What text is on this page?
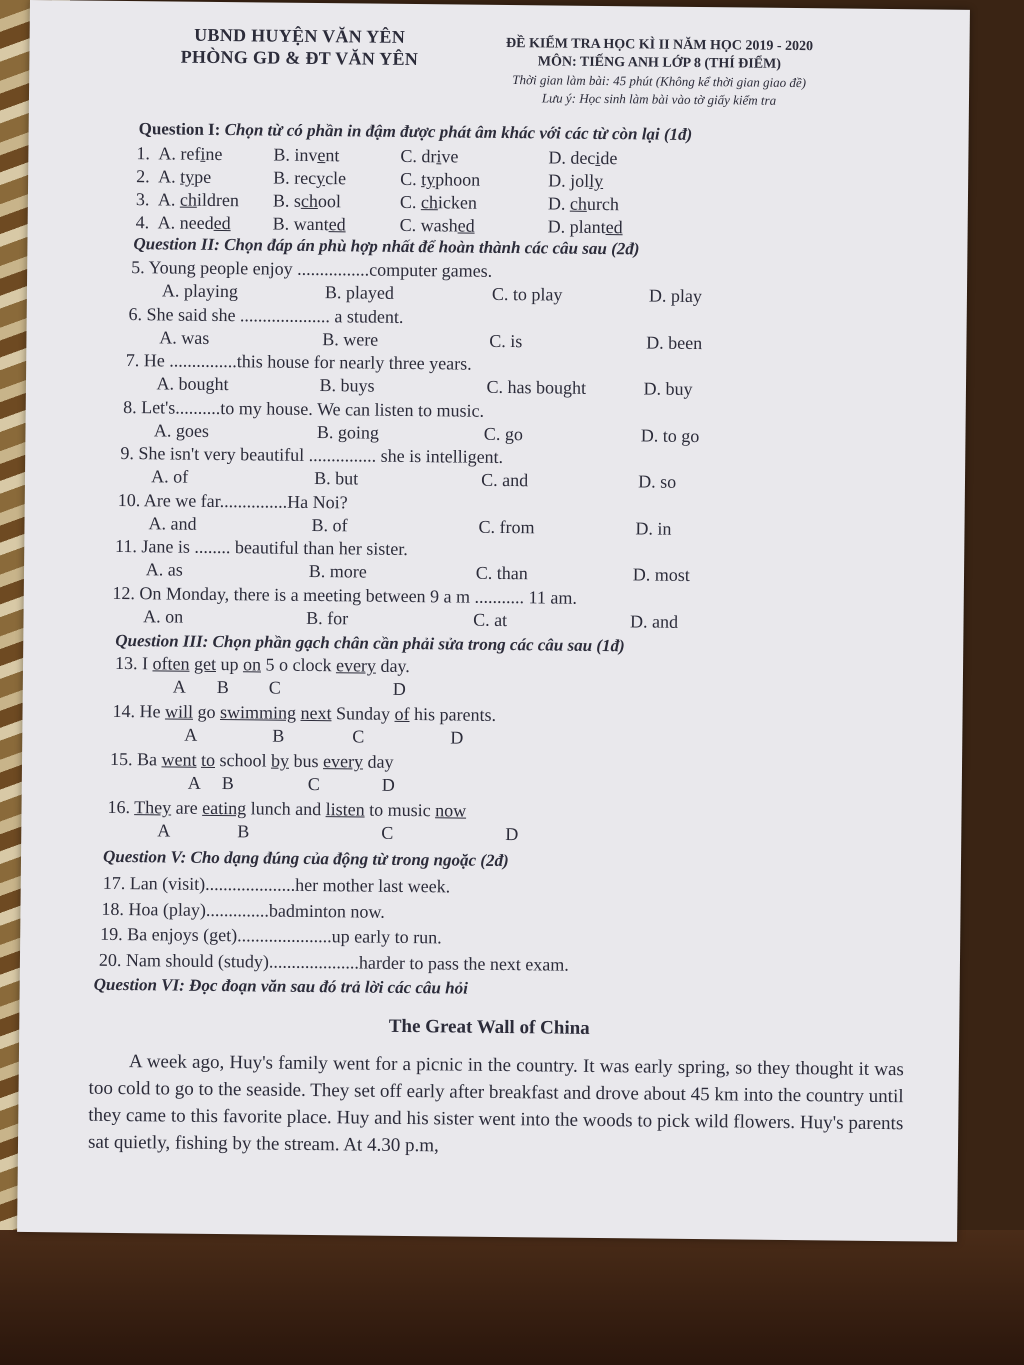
UBND HUYỆN VĂN YÊN
PHÒNG GD & ĐT VĂN YÊN
ĐỀ KIỂM TRA HỌC KÌ II NĂM HỌC 2019 - 2020
MÔN: TIẾNG ANH LỚP 8 (THÍ ĐIỂM)
Thời gian làm bài: 45 phút (Không kể thời gian giao đề)
Lưu ý: Học sinh làm bài vào tờ giấy kiểm tra
Question I: Chọn từ có phần in đậm được phát âm khác với các từ còn lại (1đ)
1. A. refine	B. invent	C. drive	D. decide
2. A. type	B. recycle	C. typhoon	D. jolly
3. A. children B. school	C. chicken	D. church
4. A. needed B. wanted	C. washed	D. planted
Question II: Chọn đáp án phù hợp nhất để hoàn thành các câu sau (2đ)
5. Young people enjoy ................computer games.
A. playing	B. played	C. to play	D. play
6. She said she .................... a student.
A. was	B. were	C. is	D. been
7. He ...............this house for nearly three years.
A. bought	B. buys	C. has bought	D. buy
8. Let's..........to my house. We can listen to music.
A. goes	B. going	C. go	D. to go
9. She isn't very beautiful ............... she is intelligent.
A. of	B. but	C. and	D. so
10. Are we far...............Ha Noi?
A. and	B. of	C. from	D. in
11. Jane is ........ beautiful than her sister.
A. as	B. more	C. than	D. most
12. On Monday, there is a meeting between 9 a m ........... 11 am.
A. on	B. for	C. at	D. and
Question III: Chọn phần gạch chân cần phải sửa trong các câu sau (1đ)
13. I often get up on 5 o clock every day.
A B C	D
14. He will go swimming next Sunday of his parents.
A	B	C	D
15. Ba went to school by bus every day
A B	C	D
16. They are eating lunch and listen to music now
A	B	C	D
Question V: Cho dạng đúng của động từ trong ngoặc (2đ)
17. Lan (visit)....................her mother last week.
18. Hoa (play)..............badminton now.
19. Ba enjoys (get).....................up early to run.
20. Nam should (study)....................harder to pass the next exam.
Question VI: Đọc đoạn văn sau đó trả lời các câu hỏi
The Great Wall of China
A week ago, Huy's family went for a picnic in the country. It was early spring, so they thought it was too cold to go to the seaside. They set off early after breakfast and drove about 45 km into the country until they came to this favorite place. Huy and his sister went into the woods to pick wild flowers. Huy's parents sat quietly, fishing by the stream. At 4.30 p.m,
